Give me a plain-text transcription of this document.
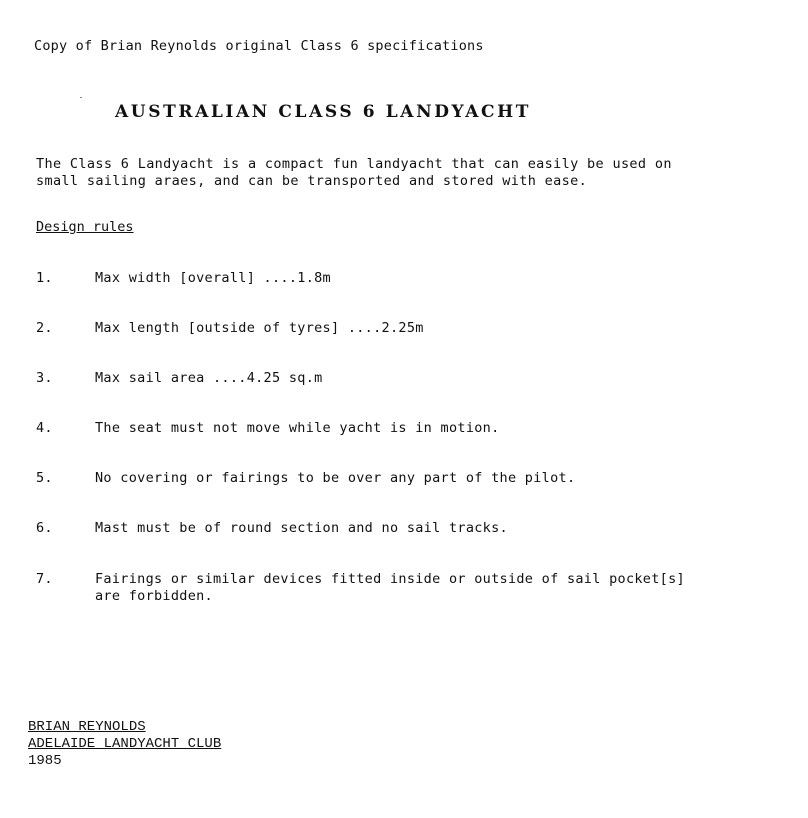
Copy of Brian Reynolds original Class 6 specifications
AUSTRALIAN CLASS 6 LANDYACHT
The Class 6 Landyacht is a compact fun landyacht that can easily be used on
small sailing araes, and can be transported and stored with ease.
Design rules
1.	Max width [overall] ....1.8m
2.	Max length [outside of tyres] ....2.25m
3.	Max sail area ....4.25 sq.m
4.	The seat must not move while yacht is in motion.
5.	No covering or fairings to be over any part of the pilot.
6.	Mast must be of round section and no sail tracks.
7.	Fairings or similar devices fitted inside or outside of sail pocket[s]
are forbidden.
BRIAN REYNOLDS
ADELAIDE LANDYACHT CLUB
1985
